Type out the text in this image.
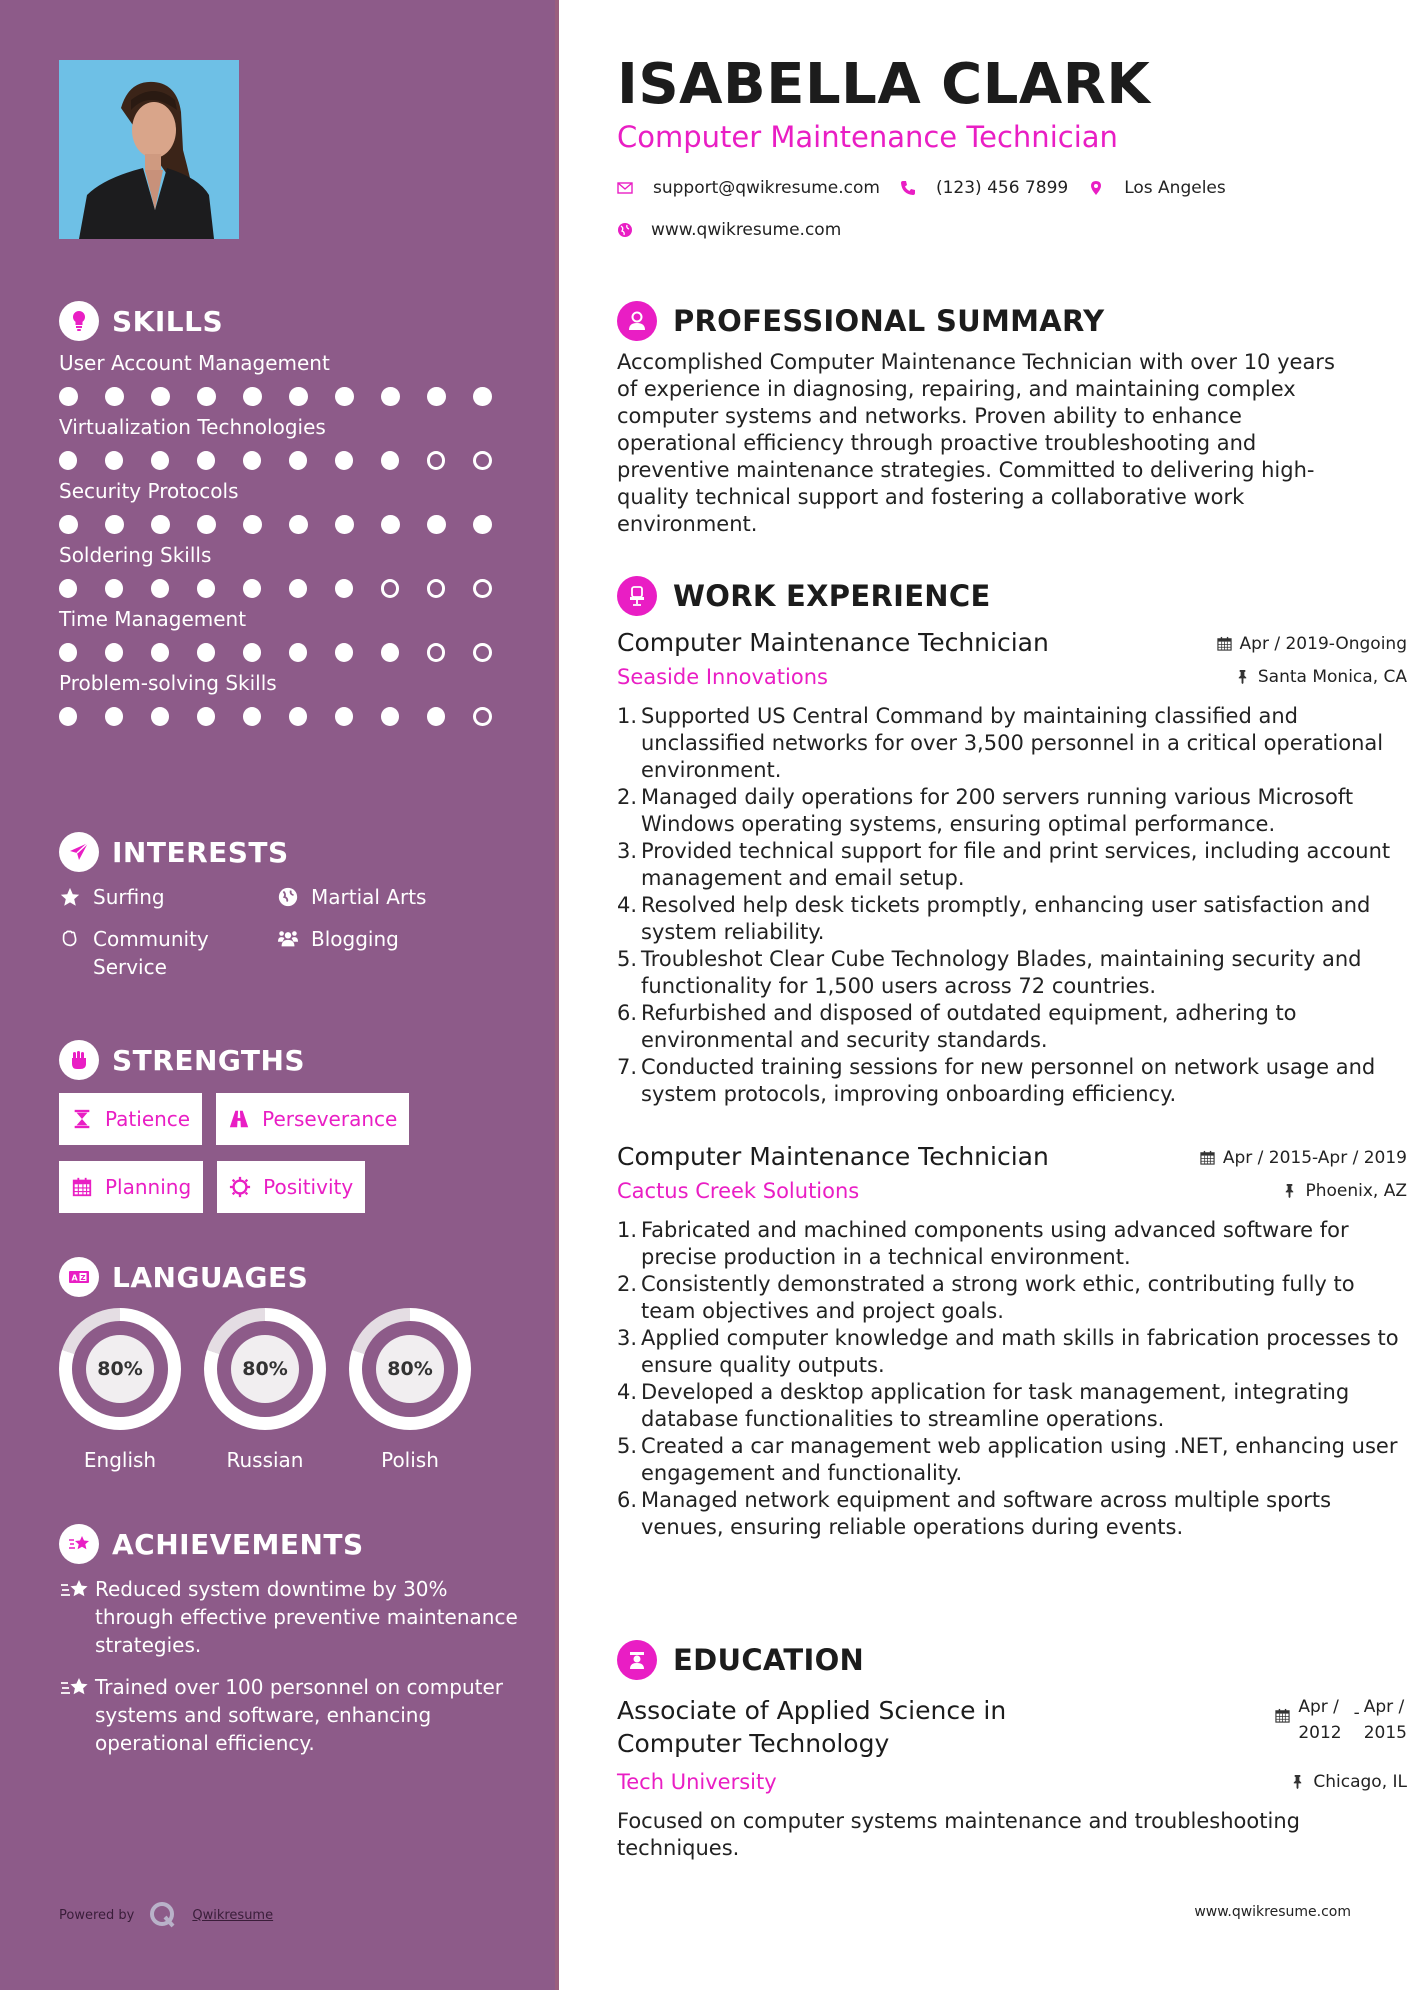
SKILLS
User Account Management
Virtualization Technologies
Security Protocols
Soldering Skills
Time Management
Problem-solving Skills
INTERESTS
Surfing	Martial Arts
Community Service
Blogging
STRENGTHS
Patience	Perseverance
Planning	Positivity
A Z LANGUAGES
80%
English
80%
Russian
80%
Polish
ACHIEVEMENTS
Reduced system downtime by 30% through effective preventive maintenance strategies.
Trained over 100 personnel on computer systems and software, enhancing operational efficiency.
Powered by	Qwikresume
ISABELLA CLARK
Computer Maintenance Technician
support@qwikresume.com	(123) 456 7899	Los Angeles
www.qwikresume.com
PROFESSIONAL SUMMARY

Accomplished Computer Maintenance Technician with over 10 years of experience in diagnosing, repairing, and maintaining complex computer systems and networks. Proven ability to enhance operational efficiency through proactive troubleshooting and preventive maintenance strategies. Committed to delivering high-quality technical support and fostering a collaborative work environment.

WORK EXPERIENCE
Computer Maintenance Technician	Apr / 2019-Ongoing
Seaside Innovations	Santa Monica, CA
1. Supported US Central Command by maintaining classified and unclassified networks for over 3,500 personnel in a critical operational environment.
2. Managed daily operations for 200 servers running various Microsoft Windows operating systems, ensuring optimal performance.
3. Provided technical support for file and print services, including account management and email setup.
4. Resolved help desk tickets promptly, enhancing user satisfaction and system reliability.
5. Troubleshot Clear Cube Technology Blades, maintaining security and functionality for 1,500 users across 72 countries.
6. Refurbished and disposed of outdated equipment, adhering to environmental and security standards.
7. Conducted training sessions for new personnel on network usage and system protocols, improving onboarding efficiency.
Computer Maintenance Technician	Apr / 2015-Apr / 2019
Cactus Creek Solutions	Phoenix, AZ
1. Fabricated and machined components using advanced software for precise production in a technical environment.
2. Consistently demonstrated a strong work ethic, contributing fully to team objectives and project goals.
3. Applied computer knowledge and math skills in fabrication processes to ensure quality outputs.
4. Developed a desktop application for task management, integrating database functionalities to streamline operations.
5. Created a car management web application using .NET, enhancing user engagement and functionality.
6. Managed network equipment and software across multiple sports venues, ensuring reliable operations during events.
EDUCATION
Associate of Applied Science in
Computer Technology
Apr /
2012
- Apr /
2015
Tech University	Chicago, IL

Focused on computer systems maintenance and troubleshooting techniques.

www.qwikresume.com
